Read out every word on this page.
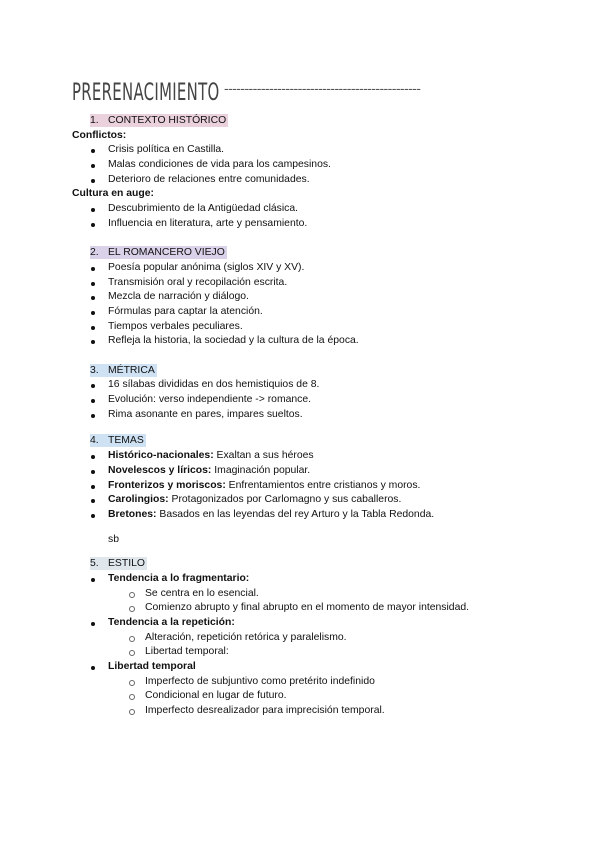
PRERENACIMIENTO ------------------------------------------------
1. CONTEXTO HISTÓRICO
Conflictos:
Crisis política en Castilla.
Malas condiciones de vida para los campesinos.
Deterioro de relaciones entre comunidades.
Cultura en auge:
Descubrimiento de la Antigüedad clásica.
Influencia en literatura, arte y pensamiento.
2. EL ROMANCERO VIEJO
Poesía popular anónima (siglos XIV y XV).
Transmisión oral y recopilación escrita.
Mezcla de narración y diálogo.
Fórmulas para captar la atención.
Tiempos verbales peculiares.
Refleja la historia, la sociedad y la cultura de la época.
3. MÉTRICA
16 sílabas divididas en dos hemistiquios de 8.
Evolución: verso independiente -> romance.
Rima asonante en pares, impares sueltos.
4. TEMAS
Histórico-nacionales: Exaltan a sus héroes
Novelescos y líricos: Imaginación popular.
Fronterizos y moriscos: Enfrentamientos entre cristianos y moros.
Carolingios: Protagonizados por Carlomagno y sus caballeros.
Bretones: Basados en las leyendas del rey Arturo y la Tabla Redonda.
sb
5. ESTILO
Tendencia a lo fragmentario:
Se centra en lo esencial.
Comienzo abrupto y final abrupto en el momento de mayor intensidad.
Tendencia a la repetición:
Alteración, repetición retórica y paralelismo.
Libertad temporal:
Libertad temporal
Imperfecto de subjuntivo como pretérito indefinido
Condicional en lugar de futuro.
Imperfecto desrealizador para imprecisión temporal.
